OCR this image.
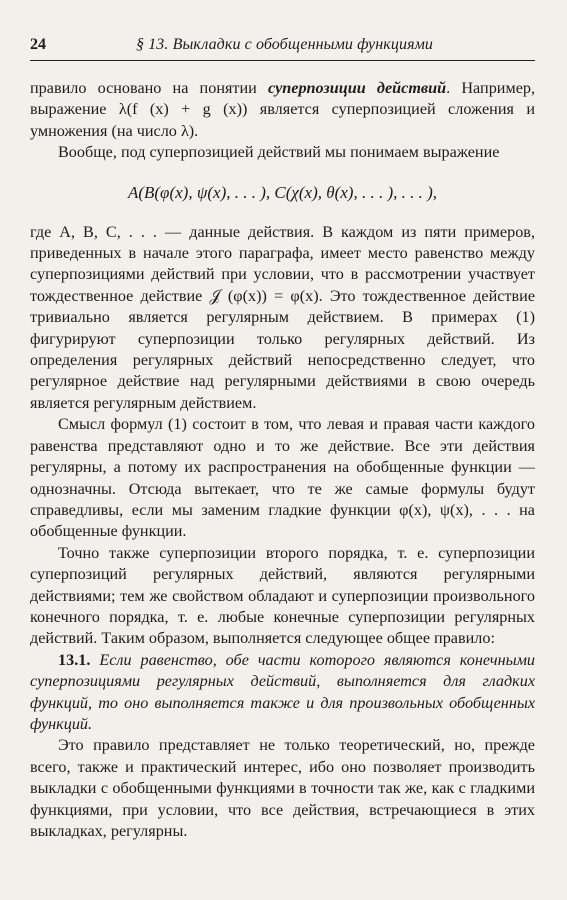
24	§ 13. Выкладки с обобщенными функциями

правило основано на понятии суперпозиции действий. Например, выражение λ(f (x) + g (x)) является суперпозицией сложения и умножения (на число λ).

Вообще, под суперпозицией действий мы понимаем выражение

A(B(φ(x), ψ(x), . . . ), C(χ(x), θ(x), . . . ), . . . ),

где A, B, C, . . . — данные действия. В каждом из пяти примеров, приведенных в начале этого параграфа, имеет место равенство между суперпозициями действий при условии, что в рассмотрении участвует тождественное действие 𝒥 (φ(x)) = φ(x). Это тождественное действие тривиально является регулярным действием. В примерах (1) фигурируют суперпозиции только регулярных действий. Из определения регулярных действий непосредственно следует, что регулярное действие над регулярными действиями в свою очередь является регулярным действием.

Смысл формул (1) состоит в том, что левая и правая части каждого равенства представляют одно и то же действие. Все эти действия регулярны, а потому их распространения на обобщенные функции — однозначны. Отсюда вытекает, что те же самые формулы будут справедливы, если мы заменим гладкие функции φ(x), ψ(x), . . . на обобщенные функции.

Точно также суперпозиции второго порядка, т. е. суперпозиции суперпозиций регулярных действий, являются регулярными действиями; тем же свойством обладают и суперпозиции произвольного конечного порядка, т. е. любые конечные суперпозиции регулярных действий. Таким образом, выполняется следующее общее правило:

13.1. Если равенство, обе части которого являются конечными суперпозициями регулярных действий, выполняется для гладких функций, то оно выполняется также и для произвольных обобщенных функций.

Это правило представляет не только теоретический, но, прежде всего, также и практический интерес, ибо оно позволяет производить выкладки с обобщенными функциями в точности так же, как с гладкими функциями, при условии, что все действия, встречающиеся в этих выкладках, регулярны.
